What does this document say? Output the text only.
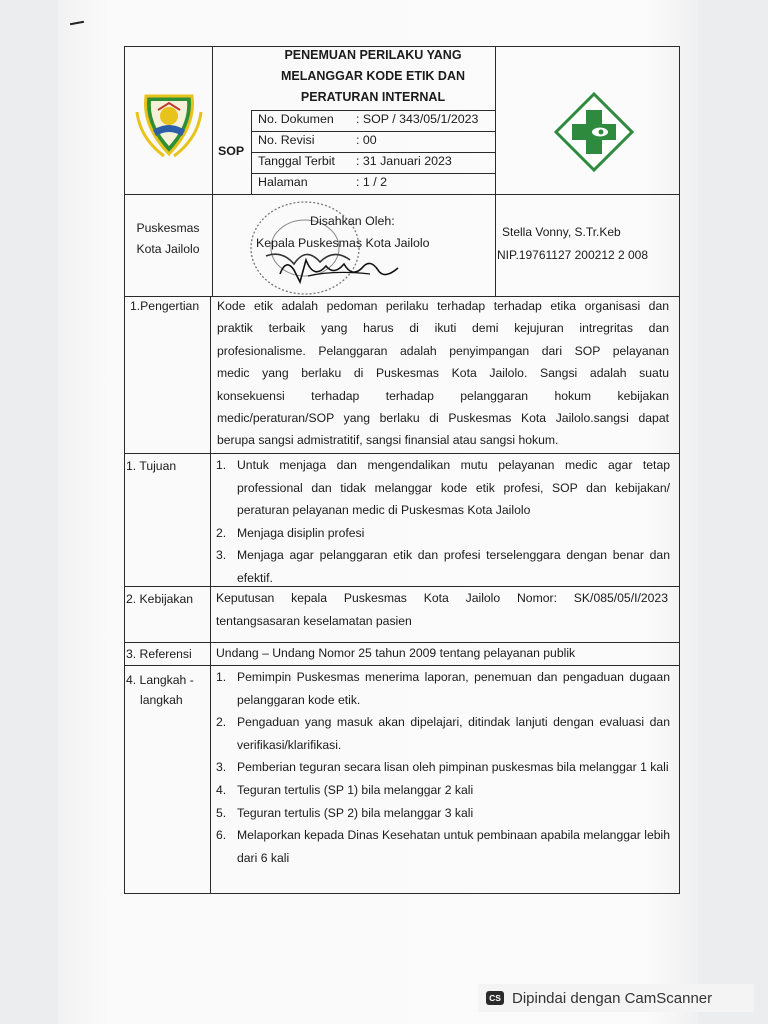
PENEMUAN PERILAKU YANG
MELANGGAR KODE ETIK DAN
PERATURAN INTERNAL
SOP
No. Dokumen : SOP / 343/05/1/2023
No. Revisi	: 00
Tanggal Terbit : 31 Januari 2023
Halaman	: 1 / 2
Puskesmas
Kota Jailolo
Disahkan Oleh:
Kepala Puskesmas Kota Jailolo
Stella Vonny, S.Tr.Keb
NIP.19761127 200212 2 008
1.Pengertian Kode etik adalah pedoman perilaku terhadap terhadap etika organisasi dan
praktik terbaik yang harus di ikuti demi kejujuran intregritas dan
profesionalisme. Pelanggaran adalah penyimpangan dari SOP pelayanan
medic yang berlaku di Puskesmas Kota Jailolo. Sangsi adalah suatu
konsekuensi terhadap terhadap pelanggaran hokum kebijakan
medic/peraturan/SOP yang berlaku di Puskesmas Kota Jailolo.sangsi dapat
berupa sangsi admistratitif, sangsi finansial atau sangsi hokum.
1. Tujuan	1. Untuk menjaga dan mengendalikan mutu pelayanan medic agar tetap professional dan tidak melanggar kode etik profesi, SOP dan kebijakan/ peraturan pelayanan medic di Puskesmas Kota Jailolo
2. Menjaga disiplin profesi
3. Menjaga agar pelanggaran etik dan profesi terselenggara dengan benar dan efektif.
2. Kebijakan Keputusan kepala Puskesmas Kota Jailolo Nomor: SK/085/05/I/2023
tentangsasaran keselamatan pasien
3. Referensi Undang – Undang Nomor 25 tahun 2009 tentang pelayanan publik
4. Langkah -
langkah
1. Pemimpin Puskesmas menerima laporan, penemuan dan pengaduan dugaan pelanggaran kode etik.
2. Pengaduan yang masuk akan dipelajari, ditindak lanjuti dengan evaluasi dan verifikasi/klarifikasi.
3. Pemberian teguran secara lisan oleh pimpinan puskesmas bila melanggar 1 kali
4. Teguran tertulis (SP 1) bila melanggar 2 kali
5. Teguran tertulis (SP 2) bila melanggar 3 kali
6. Melaporkan kepada Dinas Kesehatan untuk pembinaan apabila melanggar lebih dari 6 kali
CS Dipindai dengan CamScanner
